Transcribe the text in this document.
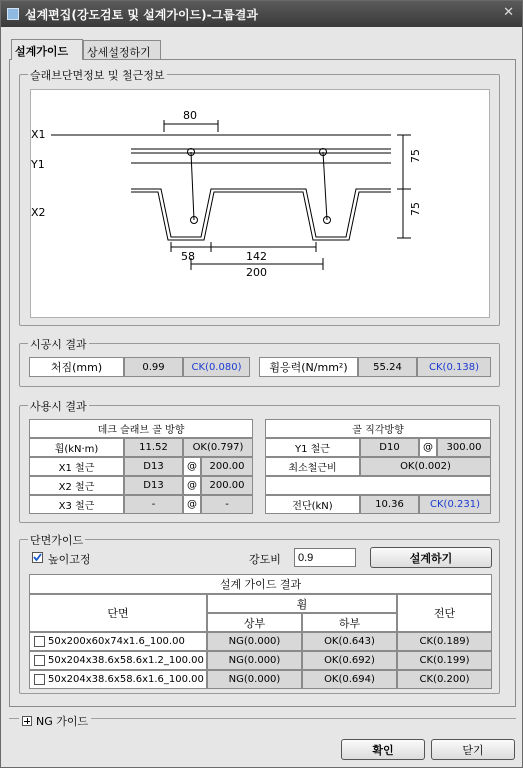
설계편집(강도검토 및 설계가이드)-그룹결과	✕
설계가이드	상세설정하기
슬래브단면정보 및 철근정보
X1
Y1
X2
80
58	142
200
75
75
시공시 결과
처짐(mm)	0.99	CK(0.080)	휨응력(N/mm²)	55.24	CK(0.138)
사용시 결과
데크 슬래브 골 방향
휨(kN·m)	11.52	OK(0.797)
X1 철근	D13	@	200.00
X2 철근	D13	@	200.00
X3 철근	-	@	-
골 직각방향
Y1 철근	D10	@	300.00
최소철근비	OK(0.002)
전단(kN)	10.36	CK(0.231)
단면가이드
높이고정	강도비
0.9	설계하기
설계 가이드 결과
단면
휨
상부	하부
전단
50x200x60x74x1.6_100.00	NG(0.000)	OK(0.643)	CK(0.189)
50x204x38.6x58.6x1.2_100.00	NG(0.000)	OK(0.692)	CK(0.199)
50x204x38.6x58.6x1.6_100.00	NG(0.000)	OK(0.694)	CK(0.200)
NG 가이드
확인	닫기
